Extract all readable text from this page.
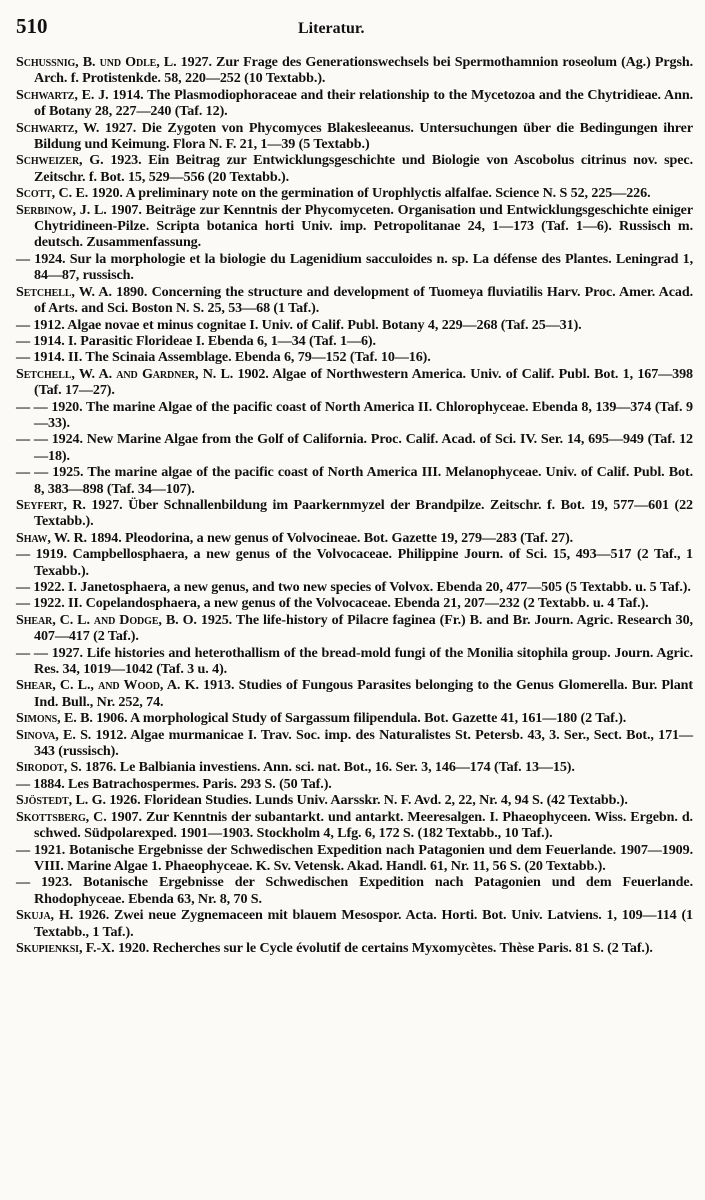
510	Literatur.

Schussnig, B. und Odle, L. 1927. Zur Frage des Generationswechsels bei Spermothamnion roseolum (Ag.) Prgsh. Arch. f. Protistenkde. 58, 220—252 (10 Textabb.).

Schwartz, E. J. 1914. The Plasmodiophoraceae and their relationship to the Mycetozoa and the Chytridieae. Ann. of Botany 28, 227—240 (Taf. 12).

Schwartz, W. 1927. Die Zygoten von Phycomyces Blakesleeanus. Untersuchungen über die Bedingungen ihrer Bildung und Keimung. Flora N. F. 21, 1—39 (5 Textabb.)

Schweizer, G. 1923. Ein Beitrag zur Entwicklungsgeschichte und Biologie von Ascobolus citrinus nov. spec. Zeitschr. f. Bot. 15, 529—556 (20 Textabb.).

Scott, C. E. 1920. A preliminary note on the germination of Urophlyctis alfalfae. Science N. S 52, 225—226.

Serbinow, J. L. 1907. Beiträge zur Kenntnis der Phycomyceten. Organisation und Entwicklungsgeschichte einiger Chytridineen-Pilze. Scripta botanica horti Univ. imp. Petropolitanae 24, 1—173 (Taf. 1—6). Russisch m. deutsch. Zusammenfassung.

— 1924. Sur la morphologie et la biologie du Lagenidium sacculoides n. sp. La défense des Plantes. Leningrad 1, 84—87, russisch.

Setchell, W. A. 1890. Concerning the structure and development of Tuomeya fluviatilis Harv. Proc. Amer. Acad. of Arts. and Sci. Boston N. S. 25, 53—68 (1 Taf.).

— 1912. Algae novae et minus cognitae I. Univ. of Calif. Publ. Botany 4, 229—268 (Taf. 25—31).

— 1914. I. Parasitic Florideae I. Ebenda 6, 1—34 (Taf. 1—6).

— 1914. II. The Scinaia Assemblage. Ebenda 6, 79—152 (Taf. 10—16).

Setchell, W. A. and Gardner, N. L. 1902. Algae of Northwestern America. Univ. of Calif. Publ. Bot. 1, 167—398 (Taf. 17—27).

— — 1920. The marine Algae of the pacific coast of North America II. Chlorophyceae. Ebenda 8, 139—374 (Taf. 9—33).

— — 1924. New Marine Algae from the Golf of California. Proc. Calif. Acad. of Sci. IV. Ser. 14, 695—949 (Taf. 12—18).

— — 1925. The marine algae of the pacific coast of North America III. Melanophyceae. Univ. of Calif. Publ. Bot. 8, 383—898 (Taf. 34—107).

Seyfert, R. 1927. Über Schnallenbildung im Paarkernmyzel der Brandpilze. Zeitschr. f. Bot. 19, 577—601 (22 Textabb.).

Shaw, W. R. 1894. Pleodorina, a new genus of Volvocineae. Bot. Gazette 19, 279—283 (Taf. 27).

— 1919. Campbellosphaera, a new genus of the Volvocaceae. Philippine Journ. of Sci. 15, 493—517 (2 Taf., 1 Texabb.).

— 1922. I. Janetosphaera, a new genus, and two new species of Volvox. Ebenda 20, 477—505 (5 Textabb. u. 5 Taf.).

— 1922. II. Copelandosphaera, a new genus of the Volvocaceae. Ebenda 21, 207—232 (2 Textabb. u. 4 Taf.).

Shear, C. L. and Dodge, B. O. 1925. The life-history of Pilacre faginea (Fr.) B. and Br. Journ. Agric. Research 30, 407—417 (2 Taf.).

— — 1927. Life histories and heterothallism of the bread-mold fungi of the Monilia sitophila group. Journ. Agric. Res. 34, 1019—1042 (Taf. 3 u. 4).

Shear, C. L., and Wood, A. K. 1913. Studies of Fungous Parasites belonging to the Genus Glomerella. Bur. Plant Ind. Bull., Nr. 252, 74.

Simons, E. B. 1906. A morphological Study of Sargassum filipendula. Bot. Gazette 41, 161—180 (2 Taf.).

Sinova, E. S. 1912. Algae murmanicae I. Trav. Soc. imp. des Naturalistes St. Petersb. 43, 3. Ser., Sect. Bot., 171—343 (russisch).

Sirodot, S. 1876. Le Balbiania investiens. Ann. sci. nat. Bot., 16. Ser. 3, 146—174 (Taf. 13—15).

— 1884. Les Batrachospermes. Paris. 293 S. (50 Taf.).

Sjöstedt, L. G. 1926. Floridean Studies. Lunds Univ. Aarsskr. N. F. Avd. 2, 22, Nr. 4, 94 S. (42 Textabb.).

Skottsberg, C. 1907. Zur Kenntnis der subantarkt. und antarkt. Meeresalgen. I. Phaeophyceen. Wiss. Ergebn. d. schwed. Südpolarexped. 1901—1903. Stockholm 4, Lfg. 6, 172 S. (182 Textabb., 10 Taf.).

— 1921. Botanische Ergebnisse der Schwedischen Expedition nach Patagonien und dem Feuerlande. 1907—1909. VIII. Marine Algae 1. Phaeophyceae. K. Sv. Vetensk. Akad. Handl. 61, Nr. 11, 56 S. (20 Textabb.).

— 1923. Botanische Ergebnisse der Schwedischen Expedition nach Patagonien und dem Feuerlande. Rhodophyceae. Ebenda 63, Nr. 8, 70 S.

Skuja, H. 1926. Zwei neue Zygnemaceen mit blauem Mesospor. Acta. Horti. Bot. Univ. Latviens. 1, 109—114 (1 Textabb., 1 Taf.).

Skupienksi, F.-X. 1920. Recherches sur le Cycle évolutif de certains Myxomycètes. Thèse Paris. 81 S. (2 Taf.).
